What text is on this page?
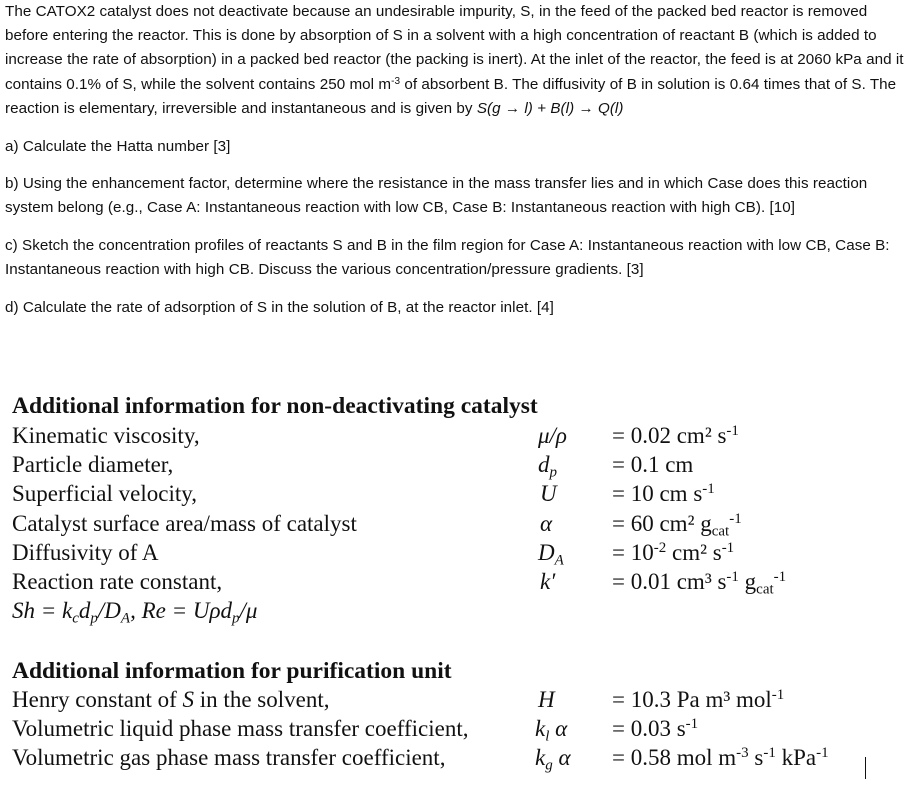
The CATOX2 catalyst does not deactivate because an undesirable impurity, S, in the feed of the packed bed reactor is removed before entering the reactor. This is done by absorption of S in a solvent with a high concentration of reactant B (which is added to increase the rate of absorption) in a packed bed reactor (the packing is inert). At the inlet of the reactor, the feed is at 2060 kPa and it contains 0.1% of S, while the solvent contains 250 mol $m^{-3}$ of absorbent B. The diffusivity of B in solution is 0.64 times that of S. The reaction is elementary, irreversible and instantaneous and is given by S(g → l) + B(l) → Q(l)

a) Calculate the Hatta number [3]

b) Using the enhancement factor, determine where the resistance in the mass transfer lies and in which Case does this reaction system belong (e.g., Case A: Instantaneous reaction with low CB, Case B: Instantaneous reaction with high CB). [10]

c) Sketch the concentration profiles of reactants S and B in the film region for Case A: Instantaneous reaction with low CB, Case B: Instantaneous reaction with high CB. Discuss the various concentration/pressure gradients. [3]

d) Calculate the rate of adsorption of S in the solution of B, at the reactor inlet. [4]

Additional information for non-deactivating catalyst
Kinematic viscosity,	μ/ρ = 0.02 cm² $s^{-1}$
Particle diameter,	$d_p = 0.1$ cm
Superficial velocity,	U = 10 cm $s^{-1}$
Catalyst surface area/mass of catalyst	α	= 60 cm² $g_{cat}^{-1}$
Diffusivity of A	$D_A = 10^{-2}$ cm² $s^{-1}$
Reaction rate constant,	k′ = 0.01 cm³ $s^{-1}$ $g_{cat}^{-1}$
$Sh = k_cd_p/D_A$, Re = Uρd$_p$/μ
Additional information for purification unit
Henry constant of S in the solvent,	H = 10.3 Pa m³ mol$^{-1}$
Volumetric liquid phase mass transfer coefficient,	$k_l$ α = 0.03 $s^{-1}$
Volumetric gas phase mass transfer coefficient,	$k_g$ α = 0.58 mol $m^{-3}$ $s^{-1}$ kPa$^{-1}$
